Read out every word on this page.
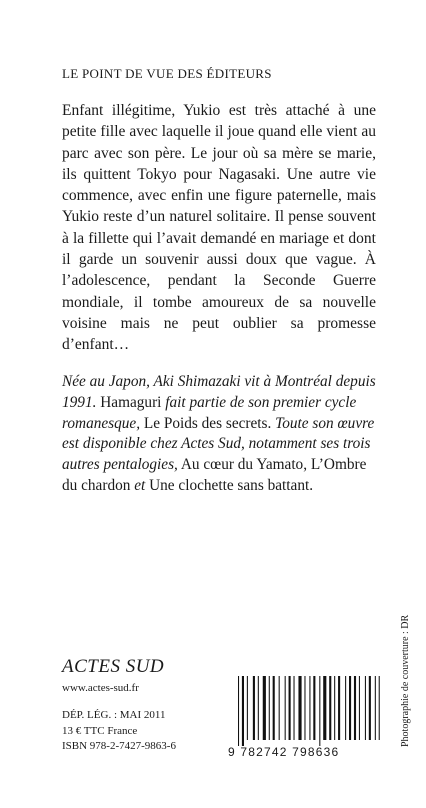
LE POINT DE VUE DES ÉDITEURS

Enfant illégitime, Yukio est très attaché à une petite fille avec laquelle il joue quand elle vient au parc avec son père. Le jour où sa mère se marie, ils quittent Tokyo pour Nagasaki. Une autre vie commence, avec enfin une figure paternelle, mais Yukio reste d’un naturel solitaire. Il pense souvent à la fillette qui l’avait demandé en mariage et dont il garde un souvenir aussi doux que vague. À l’adolescence, pendant la Seconde Guerre mondiale, il tombe amoureux de sa nouvelle voisine mais ne peut oublier sa promesse d’enfant…

Née au Japon, Aki Shimazaki vit à Montréal depuis 1991. Hamaguri fait partie de son premier cycle romanesque, Le Poids des secrets. Toute son œuvre est disponible chez Actes Sud, notamment ses trois autres pentalogies, Au cœur du Yamato, L’Ombre du chardon et Une clochette sans battant.
ACTES SUD
www.actes-sud.fr
DÉP. LÉG. : MAI 2011
13 € TTC France
ISBN 978-2-7427-9863-6	9 782742 798636
Photographie de couverture : DR
